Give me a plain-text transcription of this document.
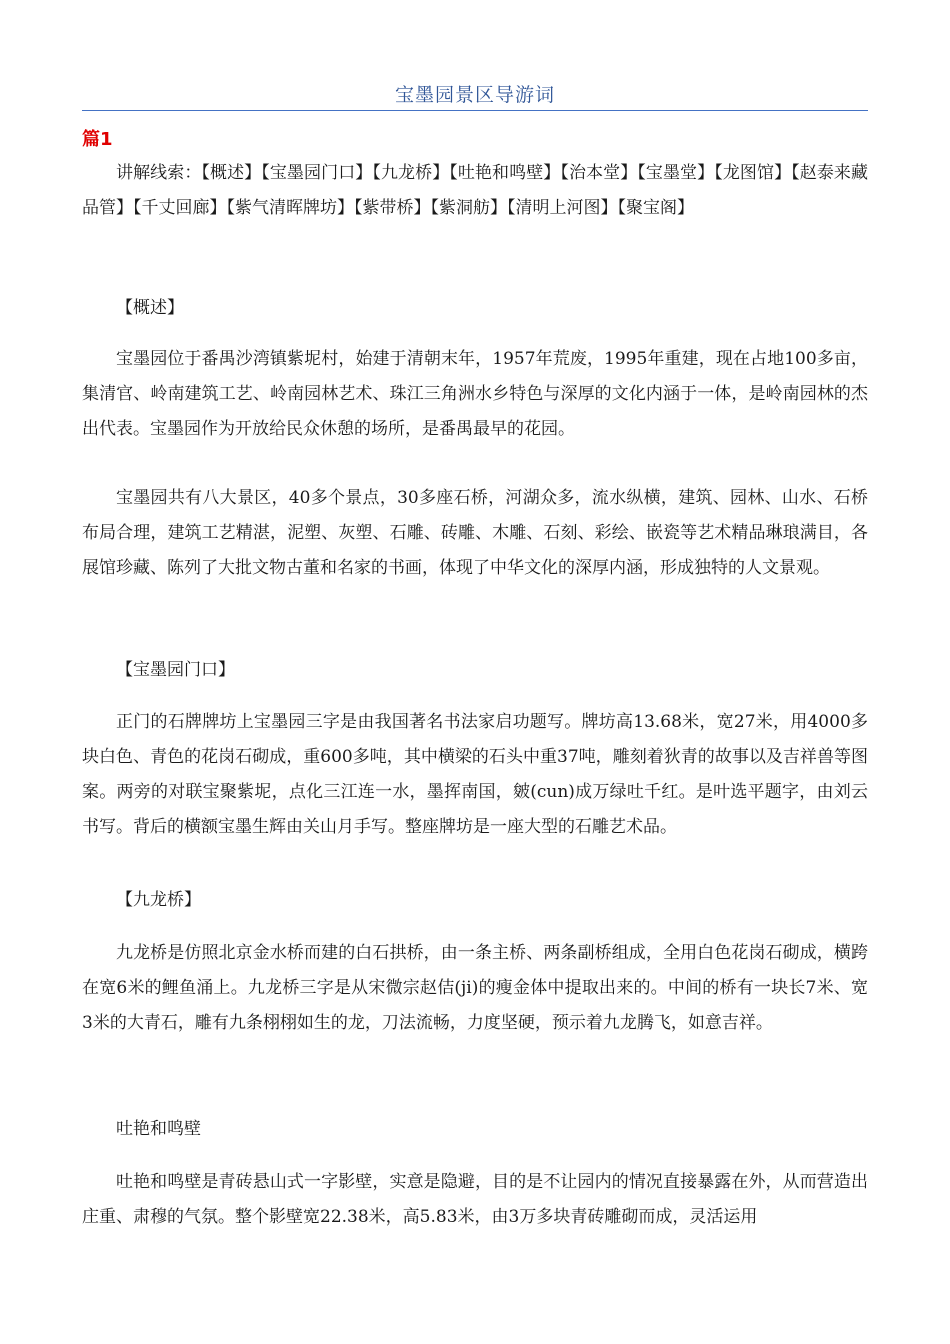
宝墨园景区导游词
篇1

讲解线索：【概述】【宝墨园门口】【九龙桥】【吐艳和鸣壁】【治本堂】【宝墨堂】【龙图馆】【赵泰来藏品管】【千丈回廊】【紫气清晖牌坊】【紫带桥】【紫洞舫】【清明上河图】【聚宝阁】

【概述】

宝墨园位于番禺沙湾镇紫坭村，始建于清朝末年，1957年荒废，1995年重建，现在占地100多亩，集清官、岭南建筑工艺、岭南园林艺术、珠江三角洲水乡特色与深厚的文化内涵于一体，是岭南园林的杰出代表。宝墨园作为开放给民众休憩的场所，是番禺最早的花园。

宝墨园共有八大景区，40多个景点，30多座石桥，河湖众多，流水纵横，建筑、园林、山水、石桥布局合理，建筑工艺精湛，泥塑、灰塑、石雕、砖雕、木雕、石刻、彩绘、嵌瓷等艺术精品琳琅满目，各展馆珍藏、陈列了大批文物古董和名家的书画，体现了中华文化的深厚内涵，形成独特的人文景观。

【宝墨园门口】

正门的石牌牌坊上宝墨园三字是由我国著名书法家启功题写。牌坊高13.68米，宽27米，用4000多块白色、青色的花岗石砌成，重600多吨，其中横梁的石头中重37吨，雕刻着狄青的故事以及吉祥兽等图案。两旁的对联宝聚紫坭，点化三江连一水，墨挥南国，皴(cun)成万绿吐千红。是叶选平题字，由刘云书写。背后的横额宝墨生辉由关山月手写。整座牌坊是一座大型的石雕艺术品。

【九龙桥】

九龙桥是仿照北京金水桥而建的白石拱桥，由一条主桥、两条副桥组成，全用白色花岗石砌成，横跨在宽6米的鲤鱼涌上。九龙桥三字是从宋微宗赵佶(ji)的瘦金体中提取出来的。中间的桥有一块长7米、宽3米的大青石，雕有九条栩栩如生的龙，刀法流畅，力度坚硬，预示着九龙腾飞，如意吉祥。

吐艳和鸣壁

吐艳和鸣壁是青砖悬山式一字影壁，实意是隐避，目的是不让园内的情况直接暴露在外，从而营造出庄重、肃穆的气氛。整个影壁宽22.38米，高5.83米，由3万多块青砖雕砌而成，灵活运用
